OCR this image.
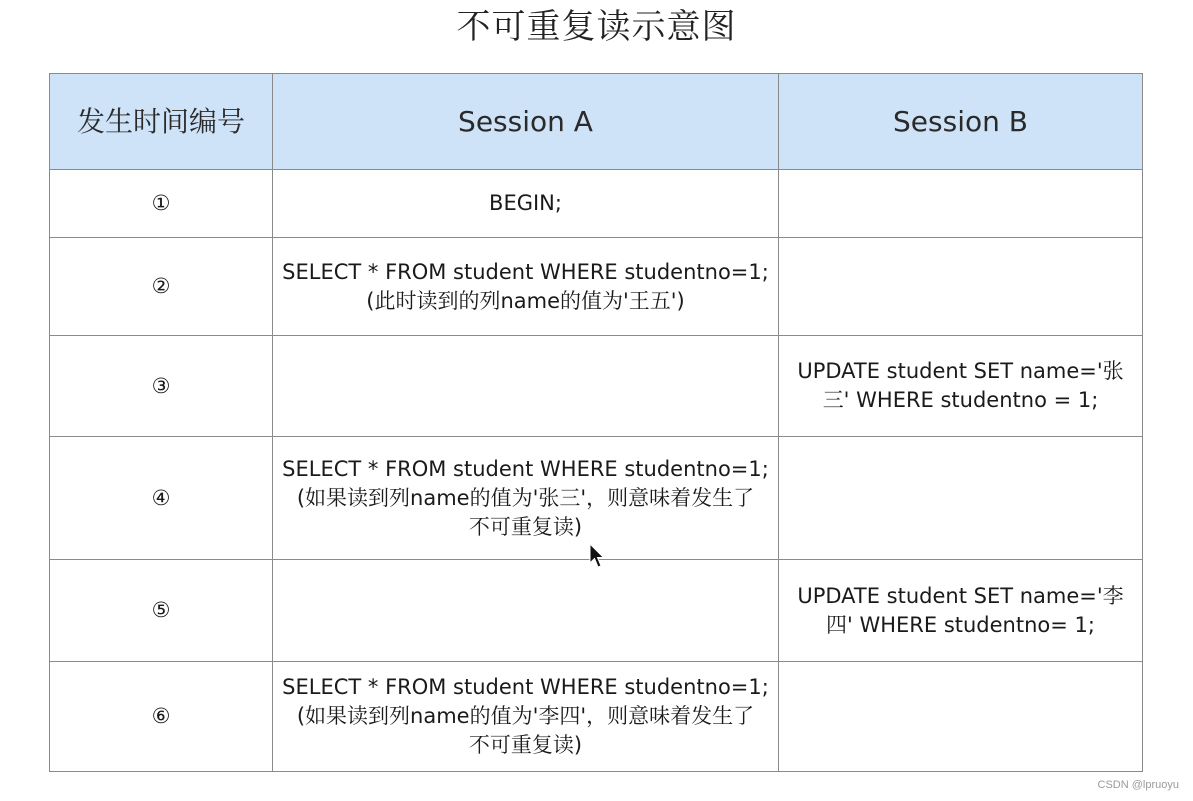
不可重复读示意图
发生时间编号	Session A	Session B
①	BEGIN;	

②	SELECT * FROM student WHERE studentno=1;
(此时读到的列name的值为'王五')	

③		UPDATE student SET name='张
三' WHERE studentno = 1;

④	SELECT * FROM student WHERE studentno=1;
(如果读到列name的值为'张三'，则意味着发生了
不可重复读)	

⑤		UPDATE student SET name='李
四' WHERE studentno= 1;

⑥	SELECT * FROM student WHERE studentno=1;
(如果读到列name的值为'李四'，则意味着发生了
不可重复读)	

CSDN @lpruoyu
